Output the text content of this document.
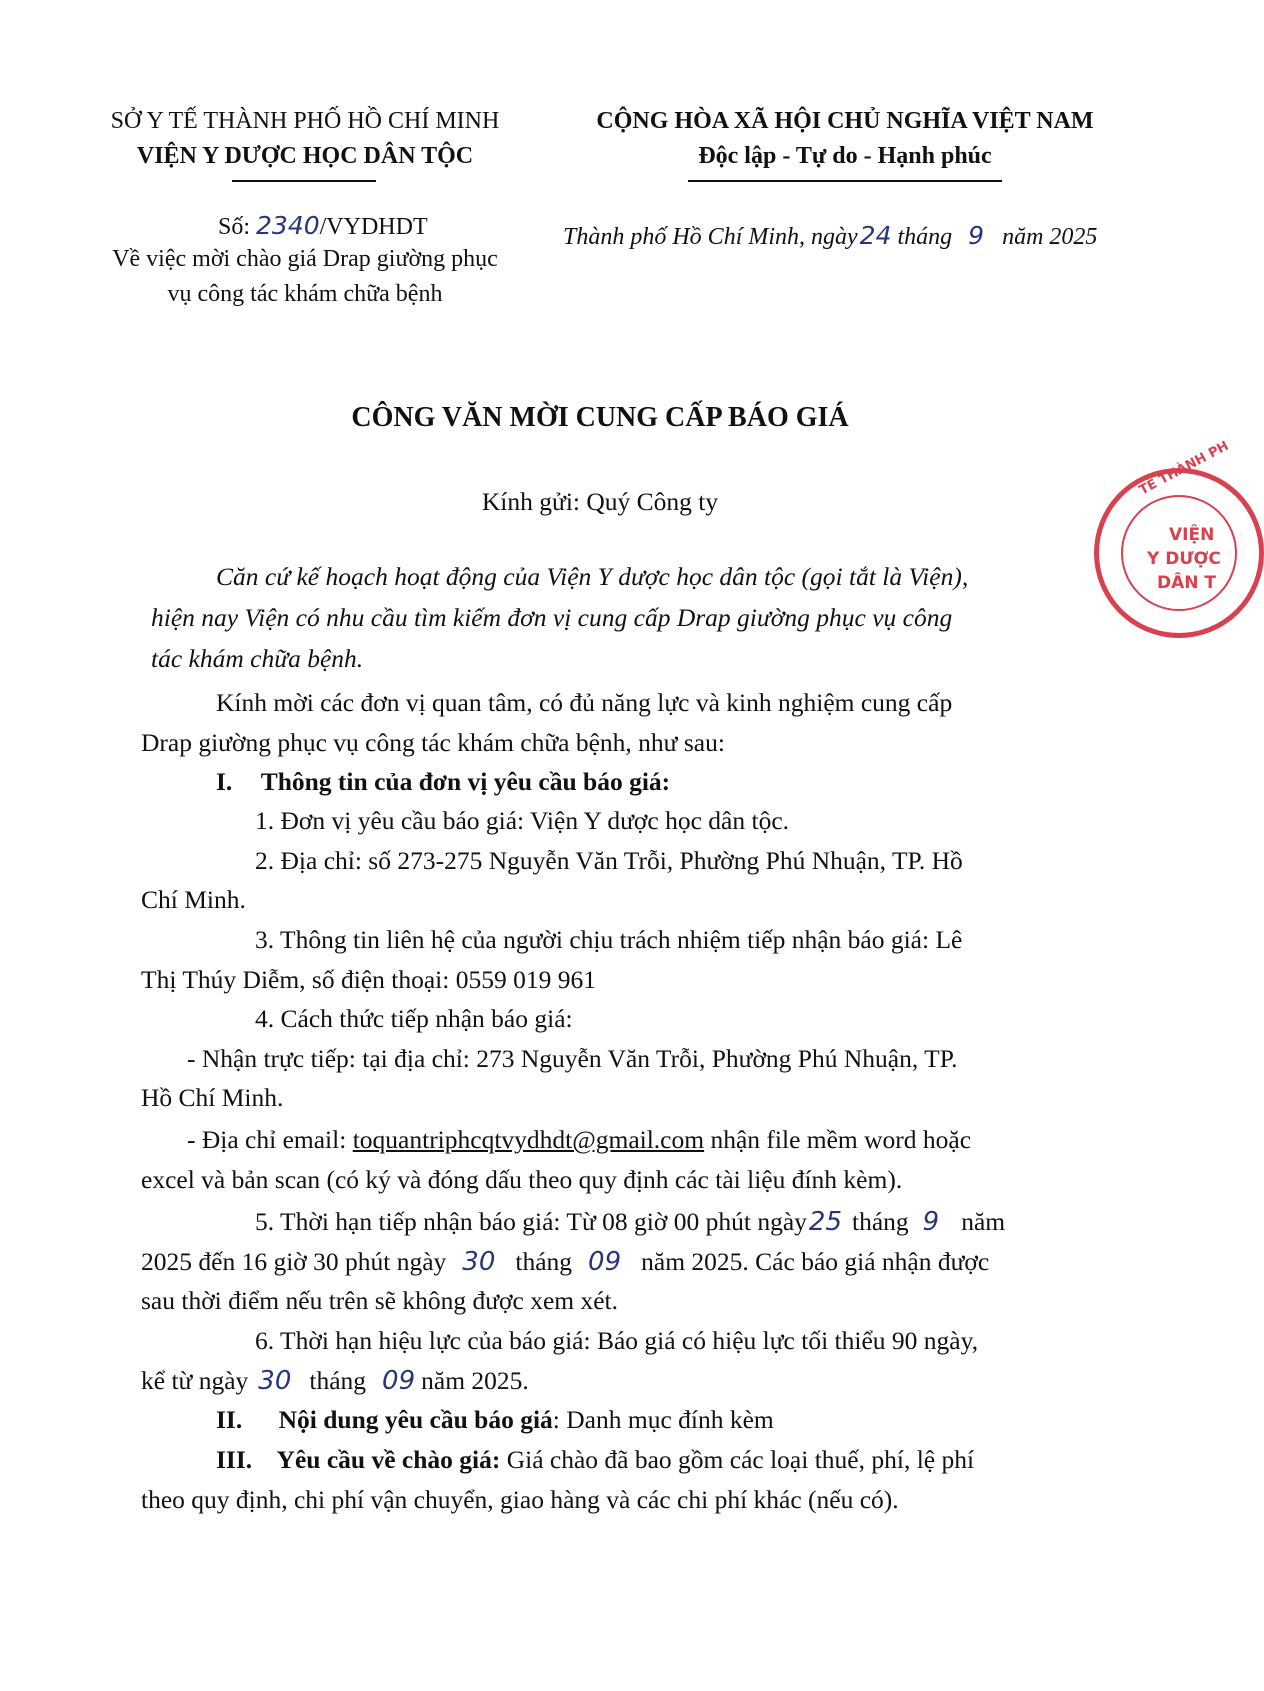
SỞ Y TẾ THÀNH PHỐ HỒ CHÍ MINH
VIỆN Y DƯỢC HỌC DÂN TỘC
CỘNG HÒA XÃ HỘI CHỦ NGHĨA VIỆT NAM
Độc lập - Tự do - Hạnh phúc
Số: 2340/VYDHDT
Về việc mời chào giá Drap giường phục
vụ công tác khám chữa bệnh
Thành phố Hồ Chí Minh, ngày24 tháng 9 năm 2025
CÔNG VĂN MỜI CUNG CẤP BÁO GIÁ
Kính gửi: Quý Công ty
Căn cứ kế hoạch hoạt động của Viện Y dược học dân tộc (gọi tắt là Viện),
hiện nay Viện có nhu cầu tìm kiếm đơn vị cung cấp Drap giường phục vụ công
tác khám chữa bệnh.
Kính mời các đơn vị quan tâm, có đủ năng lực và kinh nghiệm cung cấp
Drap giường phục vụ công tác khám chữa bệnh, như sau:
I. Thông tin của đơn vị yêu cầu báo giá:
1. Đơn vị yêu cầu báo giá: Viện Y dược học dân tộc.
2. Địa chỉ: số 273-275 Nguyễn Văn Trỗi, Phường Phú Nhuận, TP. Hồ
Chí Minh.
3. Thông tin liên hệ của người chịu trách nhiệm tiếp nhận báo giá: Lê
Thị Thúy Diễm, số điện thoại: 0559 019 961
4. Cách thức tiếp nhận báo giá:
- Nhận trực tiếp: tại địa chỉ: 273 Nguyễn Văn Trỗi, Phường Phú Nhuận, TP.
Hồ Chí Minh.
- Địa chỉ email: toquantriphcqtvydhdt@gmail.com nhận file mềm word hoặc
excel và bản scan (có ký và đóng dấu theo quy định các tài liệu đính kèm).
5. Thời hạn tiếp nhận báo giá: Từ 08 giờ 00 phút ngày25 tháng 9 năm
2025 đến 16 giờ 30 phút ngày 30 tháng 09 năm 2025. Các báo giá nhận được
sau thời điểm nếu trên sẽ không được xem xét.
6. Thời hạn hiệu lực của báo giá: Báo giá có hiệu lực tối thiểu 90 ngày,
kể từ ngày 30 tháng 09 năm 2025.
II. Nội dung yêu cầu báo giá: Danh mục đính kèm
III. Yêu cầu về chào giá: Giá chào đã bao gồm các loại thuế, phí, lệ phí
theo quy định, chi phí vận chuyển, giao hàng và các chi phí khác (nếu có).
TẾ THÀNH PH
VIỆN
Y DƯỢC
DÂN T
